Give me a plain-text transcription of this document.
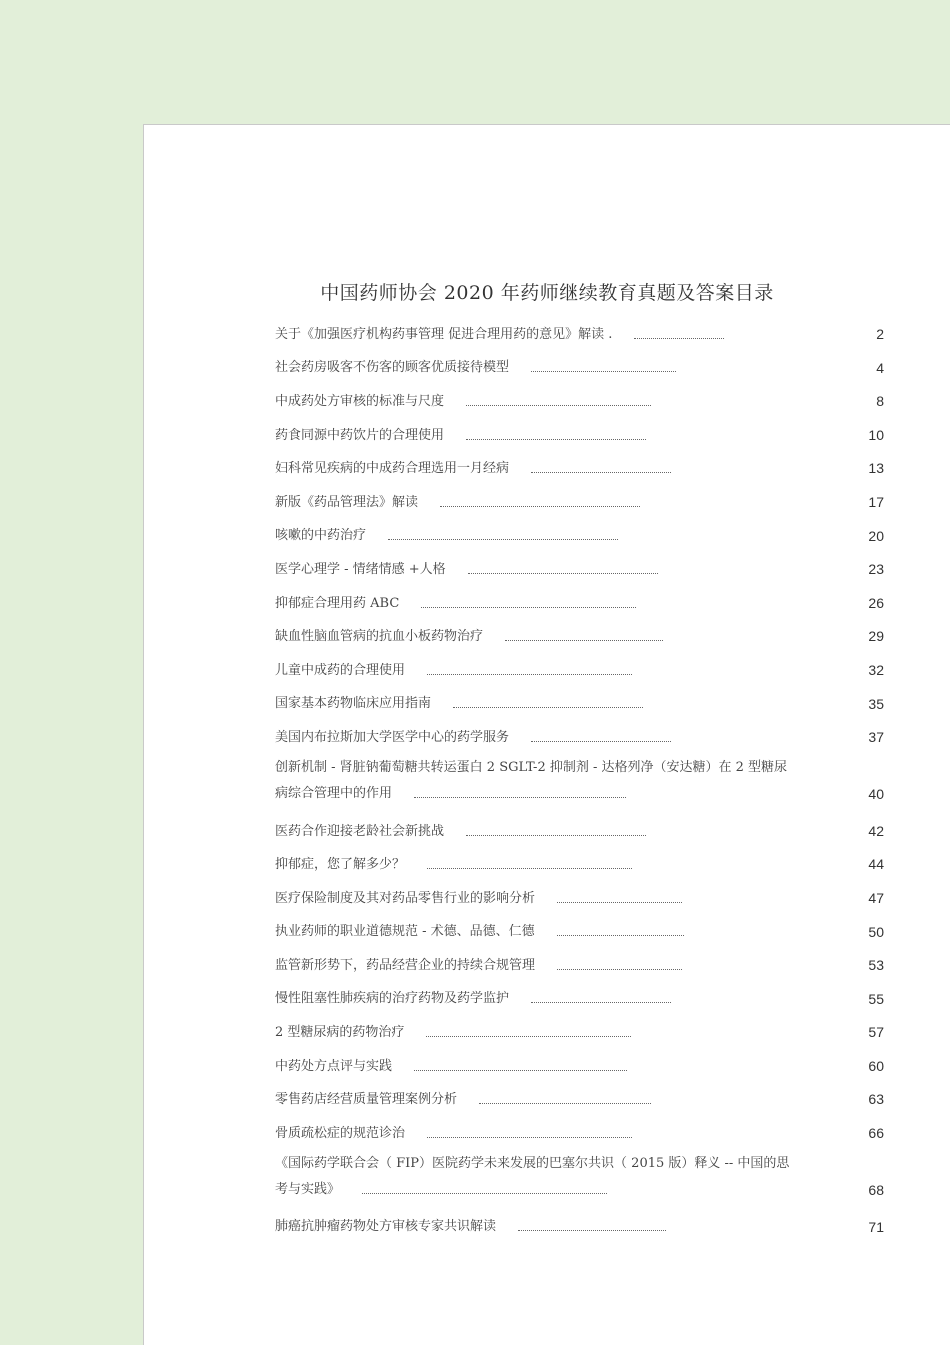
中国药师协会 2020 年药师继续教育真题及答案目录
关于《加强医疗机构药事管理 促进合理用药的意见》解读 .	2
社会药房吸客不伤客的顾客优质接待模型	4
中成药处方审核的标准与尺度	8
药食同源中药饮片的合理使用	10
妇科常见疾病的中成药合理选用一月经病	13
新版《药品管理法》解读	17
咳嗽的中药治疗	20
医学心理学 - 情绪情感 +人格	23
抑郁症合理用药 ABC	26
缺血性脑血管病的抗血小板药物治疗	29
儿童中成药的合理使用	32
国家基本药物临床应用指南	35
美国内布拉斯加大学医学中心的药学服务	37
创新机制 - 肾脏钠葡萄糖共转运蛋白 2 SGLT-2 抑制剂 - 达格列净（安达糖）在 2 型糖尿
病综合管理中的作用	40
医药合作迎接老龄社会新挑战	42
抑郁症，您了解多少？	44
医疗保险制度及其对药品零售行业的影响分析	47
执业药师的职业道德规范 - 术德、品德、仁德	50
监管新形势下，药品经营企业的持续合规管理	53
慢性阻塞性肺疾病的治疗药物及药学监护	55
2 型糖尿病的药物治疗	57
中药处方点评与实践	60
零售药店经营质量管理案例分析	63
骨质疏松症的规范诊治	66
《国际药学联合会（ FIP）医院药学未来发展的巴塞尔共识（ 2015 版）释义 -- 中国的思
考与实践》	68
肺癌抗肿瘤药物处方审核专家共识解读	71
